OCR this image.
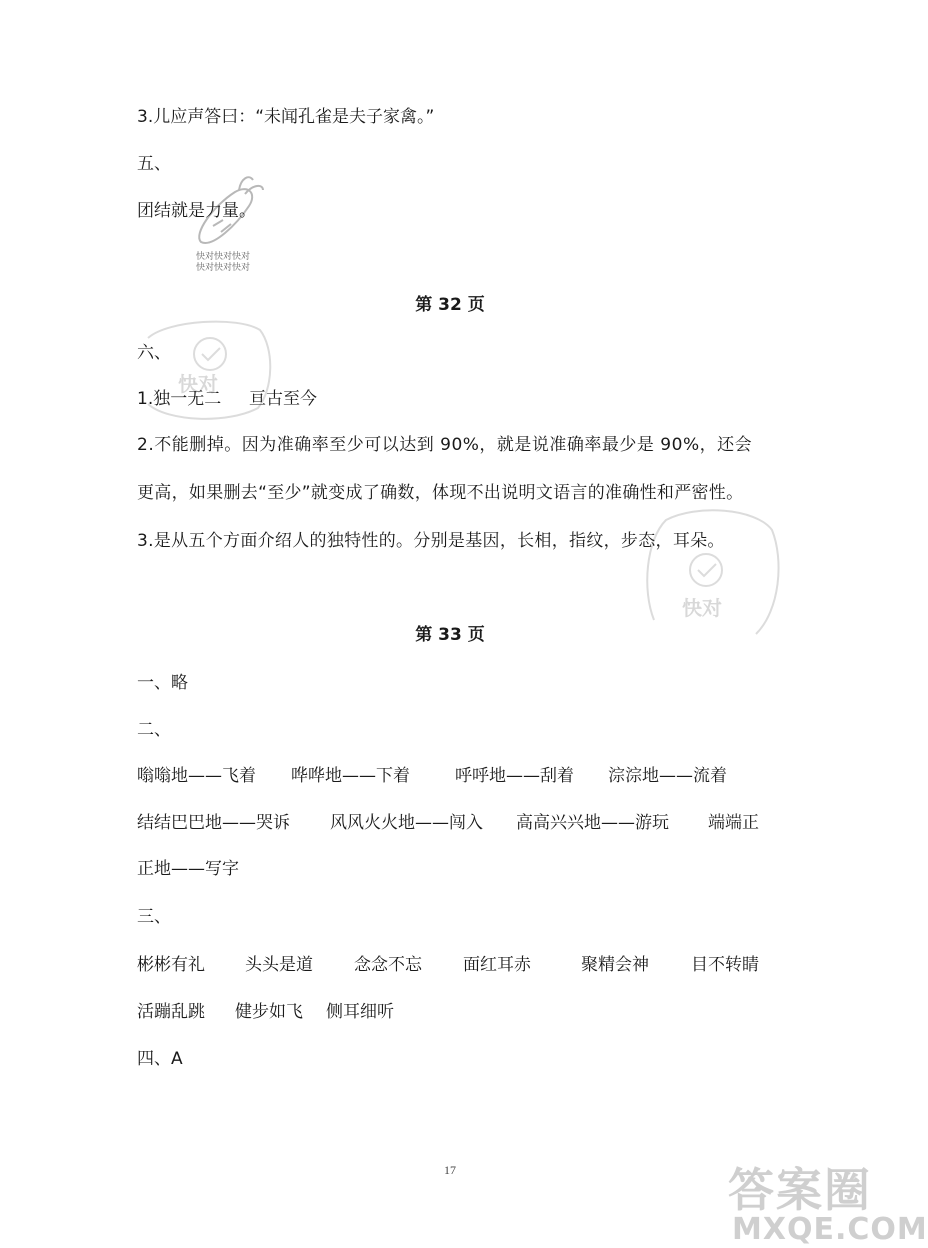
快对快对快对
快对快对快对
快对
快对
3.儿应声答曰：“未闻孔雀是夫子家禽。”
五、
团结就是力量。
第 32 页
六、
1.独一无二 亘古至今
2.不能删掉。因为准确率至少可以达到 90%，就是说准确率最少是 90%，还会
更高，如果删去“至少”就变成了确数，体现不出说明文语言的准确性和严密性。
3.是从五个方面介绍人的独特性的。分别是基因，长相，指纹，步态，耳朵。
第 33 页
一、略
二、
嗡嗡地——飞着 哗哗地——下着	呼呼地——刮着 淙淙地——流着
结结巴巴地——哭诉 风风火火地——闯入 高高兴兴地——游玩 端端正
正地——写字
三、
彬彬有礼 头头是道 念念不忘 面红耳赤	聚精会神 目不转睛
活蹦乱跳 健步如飞 侧耳细听
四、A
17	答案圈
MXQE.COM
